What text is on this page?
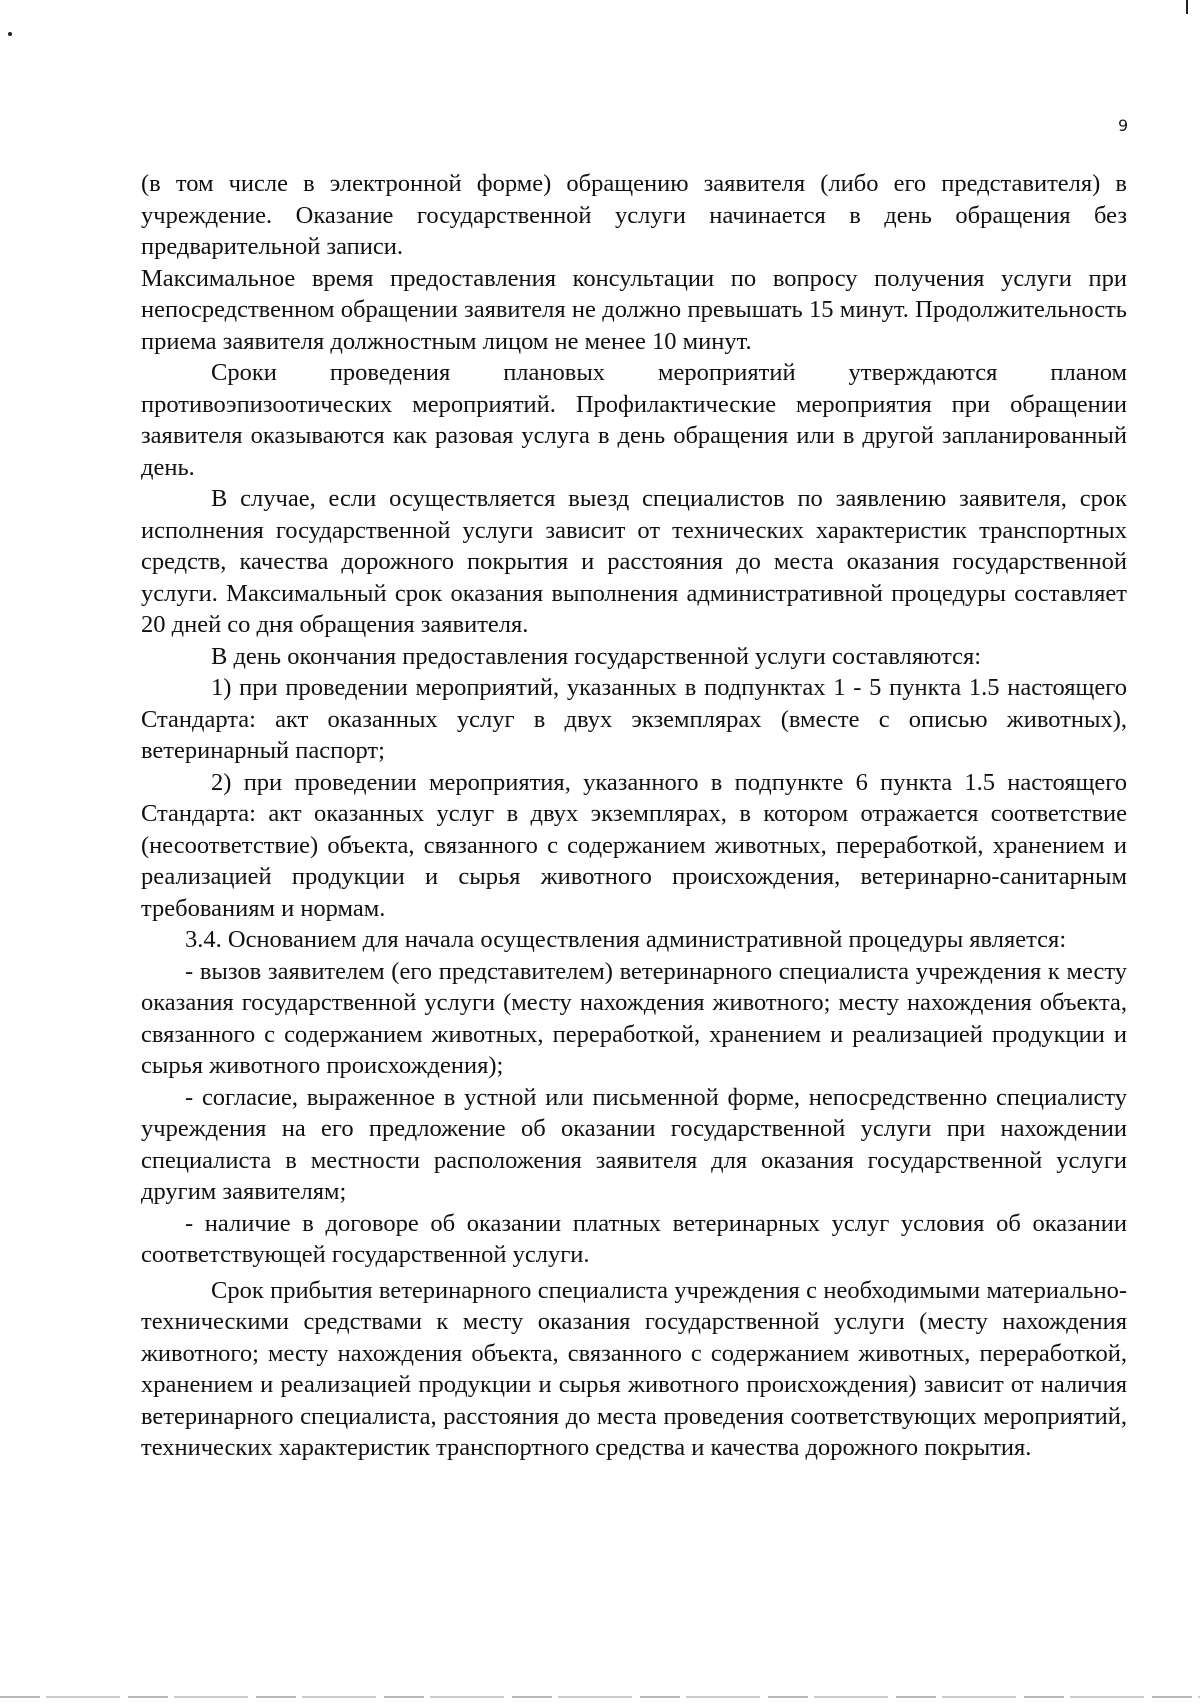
9

(в том числе в электронной форме) обращению заявителя (либо его представителя) в учреждение. Оказание государственной услуги начинается в день обращения без предварительной записи.

Максимальное время предоставления консультации по вопросу получения услуги при непосредственном обращении заявителя не должно превышать 15 минут. Продолжительность приема заявителя должностным лицом не менее 10 минут.

Сроки проведения плановых мероприятий утверждаются планом противоэпизоотических мероприятий. Профилактические мероприятия при обращении заявителя оказываются как разовая услуга в день обращения или в другой запланированный день.

В случае, если осуществляется выезд специалистов по заявлению заявителя, срок исполнения государственной услуги зависит от технических характеристик транспортных средств, качества дорожного покрытия и расстояния до места оказания государственной услуги. Максимальный срок оказания выполнения административной процедуры составляет 20 дней со дня обращения заявителя.

В день окончания предоставления государственной услуги составляются:

1) при проведении мероприятий, указанных в подпунктах 1 - 5 пункта 1.5 настоящего Стандарта: акт оказанных услуг в двух экземплярах (вместе с описью животных), ветеринарный паспорт;

2) при проведении мероприятия, указанного в подпункте 6 пункта 1.5 настоящего Стандарта: акт оказанных услуг в двух экземплярах, в котором отражается соответствие (несоответствие) объекта, связанного с содержанием животных, переработкой, хранением и реализацией продукции и сырья животного происхождения, ветеринарно-санитарным требованиям и нормам.

3.4. Основанием для начала осуществления административной процедуры является:

- вызов заявителем (его представителем) ветеринарного специалиста учреждения к месту оказания государственной услуги (месту нахождения животного; месту нахождения объекта, связанного с содержанием животных, переработкой, хранением и реализацией продукции и сырья животного происхождения);

- согласие, выраженное в устной или письменной форме, непосредственно специалисту учреждения на его предложение об оказании государственной услуги при нахождении специалиста в местности расположения заявителя для оказания государственной услуги другим заявителям;

- наличие в договоре об оказании платных ветеринарных услуг условия об оказании соответствующей государственной услуги.

Срок прибытия ветеринарного специалиста учреждения с необходимыми материально-техническими средствами к месту оказания государственной услуги (месту нахождения животного; месту нахождения объекта, связанного с содержанием животных, переработкой, хранением и реализацией продукции и сырья животного происхождения) зависит от наличия ветеринарного специалиста, расстояния до места проведения соответствующих мероприятий, технических характеристик транспортного средства и качества дорожного покрытия.
